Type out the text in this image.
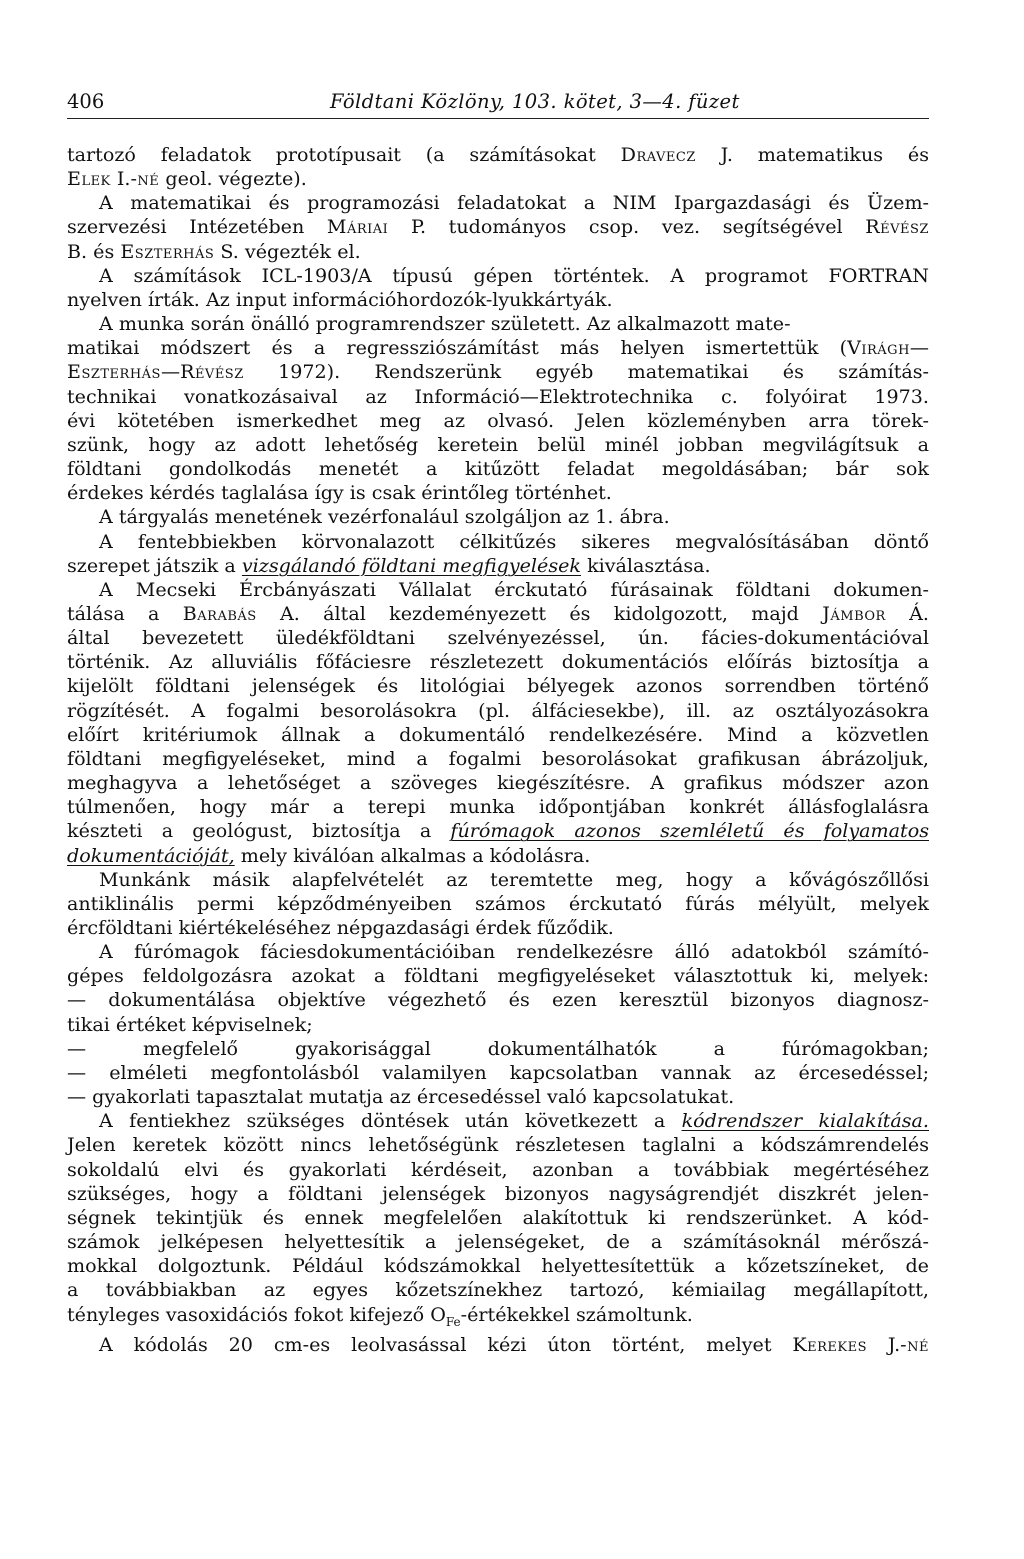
406	Földtani Közlöny, 103. kötet, 3—4. füzet

tartozó feladatok prototípusait (a számításokat Dravecz J. matematikus és

Elek I.-né geol. végezte).

A matematikai és programozási feladatokat a NIM Ipargazdasági és Üzem-

szervezési Intézetében Máriai P. tudományos csop. vez. segítségével Révész

B. és Eszterhás S. végezték el.

A számítások ICL-1903/A típusú gépen történtek. A programot FORTRAN

nyelven írták. Az input információhordozók-lyukkártyák.

A munka során önálló programrendszer született. Az alkalmazott mate-

matikai módszert és a regressziószámítást más helyen ismertettük (Virágh—

Eszterhás—Révész 1972). Rendszerünk egyéb matematikai és számítás-

technikai vonatkozásaival az Információ—Elektrotechnika c. folyóirat 1973.

évi kötetében ismerkedhet meg az olvasó. Jelen közleményben arra törek-

szünk, hogy az adott lehetőség keretein belül minél jobban megvilágítsuk a

földtani gondolkodás menetét a kitűzött feladat megoldásában; bár sok

érdekes kérdés taglalása így is csak érintőleg történhet.

A tárgyalás menetének vezérfonalául szolgáljon az 1. ábra.

A fentebbiekben körvonalazott célkitűzés sikeres megvalósításában döntő

szerepet játszik a vizsgálandó földtani megfigyelések kiválasztása.

A Mecseki Ércbányászati Vállalat érckutató fúrásainak földtani dokumen-

tálása a Barabás A. által kezdeményezett és kidolgozott, majd Jámbor Á.

által bevezetett üledékföldtani szelvényezéssel, ún. fácies-dokumentációval

történik. Az alluviális főfáciesre részletezett dokumentációs előírás biztosítja a

kijelölt földtani jelenségek és litológiai bélyegek azonos sorrendben történő

rögzítését. A fogalmi besorolásokra (pl. álfáciesekbe), ill. az osztályozásokra

előírt kritériumok állnak a dokumentáló rendelkezésére. Mind a közvetlen

földtani megfigyeléseket, mind a fogalmi besorolásokat grafikusan ábrázoljuk,

meghagyva a lehetőséget a szöveges kiegészítésre. A grafikus módszer azon

túlmenően, hogy már a terepi munka időpontjában konkrét állásfoglalásra

készteti a geológust, biztosítja a fúrómagok azonos szemléletű és folyamatos

dokumentációját, mely kiválóan alkalmas a kódolásra.

Munkánk másik alapfelvételét az teremtette meg, hogy a kővágószőllősi

antiklinális permi képződményeiben számos érckutató fúrás mélyült, melyek

ércföldtani kiértékeléséhez népgazdasági érdek fűződik.

A fúrómagok fáciesdokumentációiban rendelkezésre álló adatokból számító-

gépes feldolgozásra azokat a földtani megfigyeléseket választottuk ki, melyek:

— dokumentálása objektíve végezhető és ezen keresztül bizonyos diagnosz-

tikai értéket képviselnek;

— megfelelő gyakorisággal dokumentálhatók a fúrómagokban;

— elméleti megfontolásból valamilyen kapcsolatban vannak az ércesedéssel;

— gyakorlati tapasztalat mutatja az ércesedéssel való kapcsolatukat.

A fentiekhez szükséges döntések után következett a kódrendszer kialakítása.

Jelen keretek között nincs lehetőségünk részletesen taglalni a kódszámrendelés

sokoldalú elvi és gyakorlati kérdéseit, azonban a továbbiak megértéséhez

szükséges, hogy a földtani jelenségek bizonyos nagyságrendjét diszkrét jelen-

ségnek tekintjük és ennek megfelelően alakítottuk ki rendszerünket. A kód-

számok jelképesen helyettesítik a jelenségeket, de a számításoknál mérőszá-

mokkal dolgoztunk. Például kódszámokkal helyettesítettük a kőzetszíneket, de

a továbbiakban az egyes kőzetszínekhez tartozó, kémiailag megállapított,

tényleges vasoxidációs fokot kifejező $O_{Fe}$-értékekkel számoltunk.

A kódolás 20 cm-es leolvasással kézi úton történt, melyet Kerekes J.-né
